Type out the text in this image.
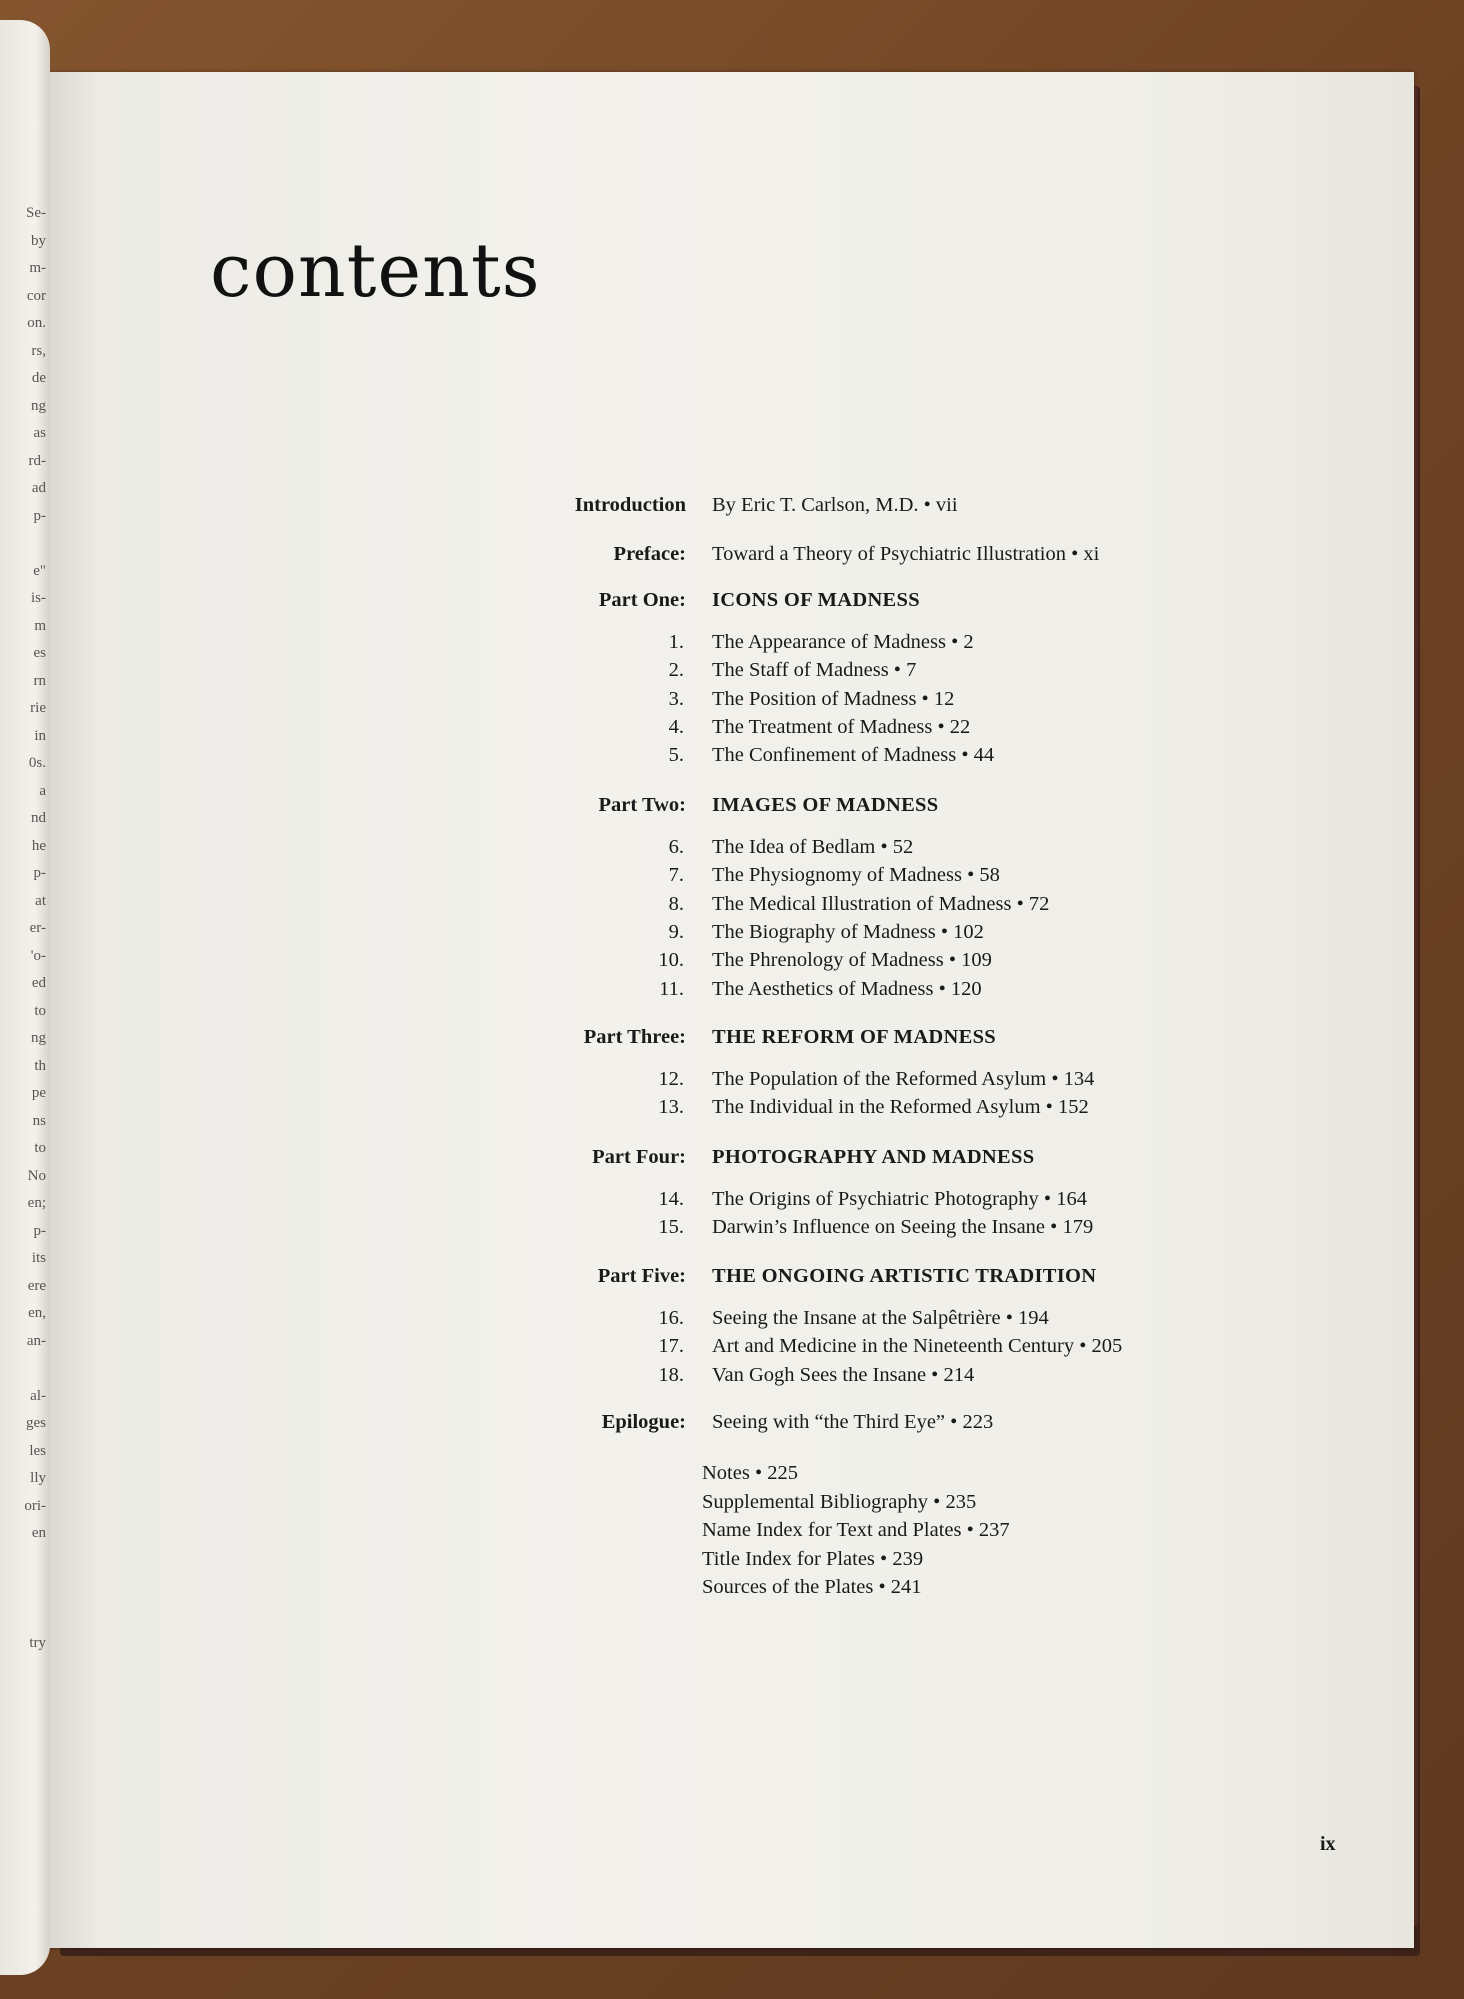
Se-
by
m-
cor
on.
rs,
de
ng
as
rd-
ad
p-

e"
is-
m
es
rn
rie
in
0s.
a
nd
he
p-
at
er-
'o-
ed
to
ng
th
pe
ns
to
No
en;
p-
its
ere
en,
an-

al-
ges
les
lly
ori-
en

try
contents
Introduction By Eric T. Carlson, M.D. • vii
Preface: Toward a Theory of Psychiatric Illustration • xi
Part One: ICONS OF MADNESS
1. The Appearance of Madness • 2
2. The Staff of Madness • 7
3. The Position of Madness • 12
4. The Treatment of Madness • 22
5. The Confinement of Madness • 44
Part Two: IMAGES OF MADNESS
6. The Idea of Bedlam • 52
7. The Physiognomy of Madness • 58
8. The Medical Illustration of Madness • 72
9. The Biography of Madness • 102
10. The Phrenology of Madness • 109
11. The Aesthetics of Madness • 120
Part Three: THE REFORM OF MADNESS
12. The Population of the Reformed Asylum • 134
13. The Individual in the Reformed Asylum • 152
Part Four: PHOTOGRAPHY AND MADNESS
14. The Origins of Psychiatric Photography • 164
15. Darwin’s Influence on Seeing the Insane • 179
Part Five: THE ONGOING ARTISTIC TRADITION
16. Seeing the Insane at the Salpêtrière • 194
17. Art and Medicine in the Nineteenth Century • 205
18. Van Gogh Sees the Insane • 214
Epilogue: Seeing with “the Third Eye” • 223
Notes • 225
Supplemental Bibliography • 235
Name Index for Text and Plates • 237
Title Index for Plates • 239
Sources of the Plates • 241
ix
